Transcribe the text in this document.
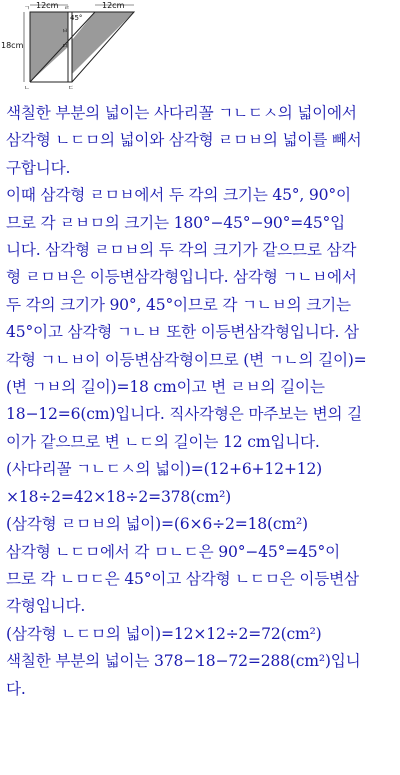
12cm	12cm
45°
18cm
ㄱ
ㄴ	ㄷ
ㄹ
ㅁ
ㅂ
색칠한 부분의 넓이는 사다리꼴 ㄱㄴㄷㅅ의 넓이에서
삼각형 ㄴㄷㅁ의 넓이와 삼각형 ㄹㅁㅂ의 넓이를 빼서
구합니다.
이때 삼각형 ㄹㅁㅂ에서 두 각의 크기는 45°, 90°이
므로 각 ㄹㅂㅁ의 크기는 180°−45°−90°=45°입
니다. 삼각형 ㄹㅁㅂ의 두 각의 크기가 같으므로 삼각
형 ㄹㅁㅂ은 이등변삼각형입니다. 삼각형 ㄱㄴㅂ에서
두 각의 크기가 90°, 45°이므로 각 ㄱㄴㅂ의 크기는
45°이고 삼각형 ㄱㄴㅂ 또한 이등변삼각형입니다. 삼
각형 ㄱㄴㅂ이 이등변삼각형이므로 (변 ㄱㄴ의 길이)=
(변 ㄱㅂ의 길이)=18 cm이고 변 ㄹㅂ의 길이는
18−12=6(cm)입니다. 직사각형은 마주보는 변의 길
이가 같으므로 변 ㄴㄷ의 길이는 12 cm입니다.
(사다리꼴 ㄱㄴㄷㅅ의 넓이)=(12+6+12+12)
×18÷2=42×18÷2=378(cm²)
(삼각형 ㄹㅁㅂ의 넓이)=(6×6÷2=18(cm²)
삼각형 ㄴㄷㅁ에서 각 ㅁㄴㄷ은 90°−45°=45°이
므로 각 ㄴㅁㄷ은 45°이고 삼각형 ㄴㄷㅁ은 이등변삼
각형입니다.
(삼각형 ㄴㄷㅁ의 넓이)=12×12÷2=72(cm²)
색칠한 부분의 넓이는 378−18−72=288(cm²)입니
다.
